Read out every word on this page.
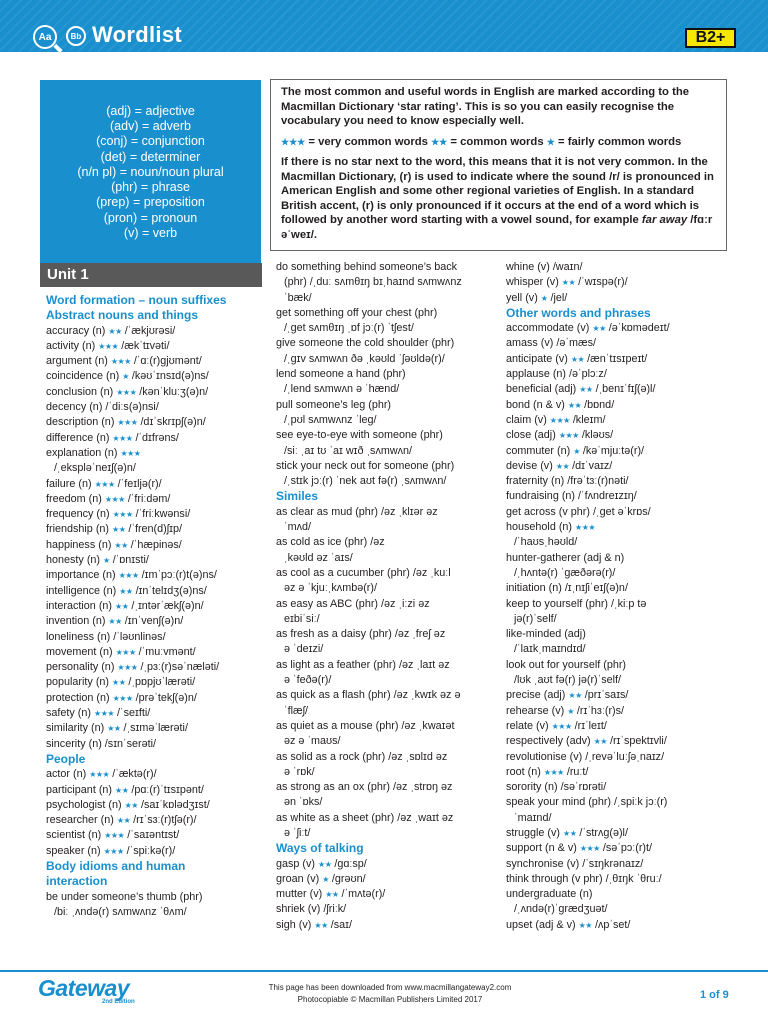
Aa	Bb Wordlist	B2+
(adj) = adjective
(adv) = adverb
(conj) = conjunction
(det) = determiner
(n/n pl) = noun/noun plural
(phr) = phrase
(prep) = preposition
(pron) = pronoun
(v) = verb

The most common and useful words in English are marked according to the Macmillan Dictionary ‘star rating’. This is so you can easily recognise the vocabulary you need to know especially well.

★★★ = very common words ★★ = common words ★ = fairly common words

If there is no star next to the word, this means that it is not very common. In the Macmillan Dictionary, (r) is used to indicate where the sound /r/ is pronounced in American English and some other regional varieties of English. In a standard British accent, (r) is only pronounced if it occurs at the end of a word which is followed by another word starting with a vowel sound, for example far away /fɑːr əˈweɪ/.

Unit 1
Word formation – noun suffixes
Abstract nouns and things
accuracy (n) ★★ /ˈækjʊrəsi/
activity (n) ★★★ /ækˈtɪvəti/
argument (n) ★★★ /ˈɑː(r)ɡjʊmənt/
coincidence (n) ★ /kəʊˈɪnsɪd(ə)ns/
conclusion (n) ★★★ /kənˈkluːʒ(ə)n/
decency (n) /ˈdiːs(ə)nsi/
description (n) ★★★ /dɪˈskrɪpʃ(ə)n/
difference (n) ★★★ /ˈdɪfrəns/
explanation (n) ★★★
/ˌekspləˈneɪʃ(ə)n/
failure (n) ★★★ /ˈfeɪljə(r)/
freedom (n) ★★★ /ˈfriːdəm/
frequency (n) ★★★ /ˈfriːkwənsi/
friendship (n) ★★ /ˈfren(d)ʃɪp/
happiness (n) ★★ /ˈhæpinəs/
honesty (n) ★ /ˈɒnɪsti/
importance (n) ★★★ /ɪmˈpɔː(r)t(ə)ns/
intelligence (n) ★★ /ɪnˈtelɪdʒ(ə)ns/
interaction (n) ★★ /ˌɪntərˈækʃ(ə)n/
invention (n) ★★ /ɪnˈvenʃ(ə)n/
loneliness (n) /ˈləʊnlinəs/
movement (n) ★★★ /ˈmuːvmənt/
personality (n) ★★★ /ˌpɜː(r)səˈnæləti/
popularity (n) ★★ /ˌpɒpjʊˈlærəti/
protection (n) ★★★ /prəˈtekʃ(ə)n/
safety (n) ★★★ /ˈseɪfti/
similarity (n) ★★ /ˌsɪməˈlærəti/
sincerity (n) /sɪnˈserəti/
People
actor (n) ★★★ /ˈæktə(r)/
participant (n) ★★ /pɑː(r)ˈtɪsɪpənt/
psychologist (n) ★★ /saɪˈkɒlədʒɪst/
researcher (n) ★★ /rɪˈsɜː(r)tʃə(r)/
scientist (n) ★★★ /ˈsaɪəntɪst/
speaker (n) ★★★ /ˈspiːkə(r)/
Body idioms and human
interaction
be under someone’s thumb (phr)
/biː ˌʌndə(r) sʌmwʌnz ˈθʌm/
do something behind someone’s back
(phr) /ˌduː sʌmθɪŋ bɪˌhaɪnd sʌmwʌnz
ˈbæk/
get something off your chest (phr)
/ˌɡet sʌmθɪŋ ˌɒf jɔː(r) ˈtʃest/
give someone the cold shoulder (phr)
/ˌɡɪv sʌmwʌn ðə ˌkəʊld ˈʃəʊldə(r)/
lend someone a hand (phr)
/ˌlend sʌmwʌn ə ˈhænd/
pull someone’s leg (phr)
/ˌpʊl sʌmwʌnz ˈleɡ/
see eye-to-eye with someone (phr)
/siː ˌaɪ tʊ ˈaɪ wɪð ˌsʌmwʌn/
stick your neck out for someone (phr)
/ˌstɪk jɔː(r) ˈnek aʊt fə(r) ˌsʌmwʌn/
Similes
as clear as mud (phr) /əz ˌklɪər əz
ˈmʌd/
as cold as ice (phr) /əz
ˌkəʊld əz ˈaɪs/
as cool as a cucumber (phr) /əz ˌkuːl
əz ə ˈkjuːˌkʌmbə(r)/
as easy as ABC (phr) /əz ˌiːzi əz
eɪbiˈsiː/
as fresh as a daisy (phr) /əz ˌfreʃ əz
ə ˈdeɪzi/
as light as a feather (phr) /əz ˌlaɪt əz
ə ˈfeðə(r)/
as quick as a flash (phr) /əz ˌkwɪk əz ə
ˈflæʃ/
as quiet as a mouse (phr) /əz ˌkwaɪət
əz ə ˈmaʊs/
as solid as a rock (phr) /əz ˌsɒlɪd əz
ə ˈrɒk/
as strong as an ox (phr) /əz ˌstrɒŋ əz
ən ˈɒks/
as white as a sheet (phr) /əz ˌwaɪt əz
ə ˈʃiːt/
Ways of talking
gasp (v) ★★ /ɡɑːsp/
groan (v) ★ /ɡrəʊn/
mutter (v) ★★ /ˈmʌtə(r)/
shriek (v) /ʃriːk/
sigh (v) ★★ /saɪ/
whine (v) /waɪn/
whisper (v) ★★ /ˈwɪspə(r)/
yell (v) ★ /jel/
Other words and phrases
accommodate (v) ★★ /əˈkɒmədeɪt/
amass (v) /əˈmæs/
anticipate (v) ★★ /ænˈtɪsɪpeɪt/
applause (n) /əˈplɔːz/
beneficial (adj) ★★ /ˌbenɪˈfɪʃ(ə)l/
bond (n & v) ★★ /bɒnd/
claim (v) ★★★ /kleɪm/
close (adj) ★★★ /kləʊs/
commuter (n) ★ /kəˈmjuːtə(r)/
devise (v) ★★ /dɪˈvaɪz/
fraternity (n) /frəˈtɜː(r)nəti/
fundraising (n) /ˈfʌndreɪzɪŋ/
get across (v phr) /ˌɡet əˈkrɒs/
household (n) ★★★
/ˈhaʊsˌhəʊld/
hunter-gatherer (adj & n)
/ˌhʌntə(r) ˈɡæðərə(r)/
initiation (n) /ɪˌnɪʃiˈeɪʃ(ə)n/
keep to yourself (phr) /ˌkiːp tə
jə(r)ˈself/
like-minded (adj)
/ˈlaɪkˌmaɪndɪd/
look out for yourself (phr)
/lʊk ˌaʊt fə(r) jə(r)ˈself/
precise (adj) ★★ /prɪˈsaɪs/
rehearse (v) ★ /rɪˈhɜː(r)s/
relate (v) ★★★ /rɪˈleɪt/
respectively (adv) ★★ /rɪˈspektɪvli/
revolutionise (v) /ˌrevəˈluːʃəˌnaɪz/
root (n) ★★★ /ruːt/
sorority (n) /səˈrɒrəti/
speak your mind (phr) /ˌspiːk jɔː(r)
ˈmaɪnd/
struggle (v) ★★ /ˈstrʌɡ(ə)l/
support (n & v) ★★★ /səˈpɔː(r)t/
synchronise (v) /ˈsɪŋkrənaɪz/
think through (v phr) /ˌθɪŋk ˈθruː/
undergraduate (n)
/ˌʌndə(r)ˈɡrædʒuət/
upset (adj & v) ★★ /ʌpˈset/
Gateway
2nd Edition
This page has been downloaded from www.macmillangateway2.com
Photocopiable © Macmillan Publishers Limited 2017	1 of 9
